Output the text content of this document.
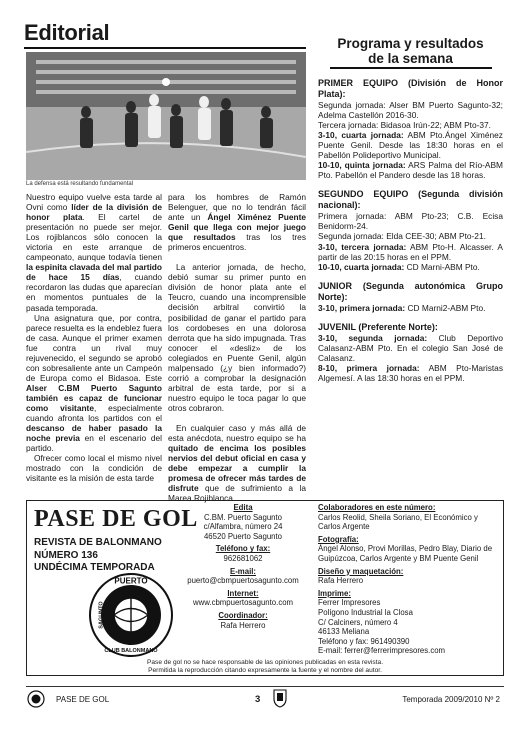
Editorial
La defensa está resultando fundamental

Nuestro equipo vuelve esta tarde al Ovni como líder de la división de honor plata. El cartel de presentación no puede ser mejor. Los rojiblancos sólo conocen la victoria en este arranque de campeonato, aunque todavía tienen la espinita clavada del mal partido de hace 15 días, cuando recordaron las dudas que aparecían en momentos puntuales de la pasada temporada.

Una asignatura que, por contra, parece resuelta es la endeblez fuera de casa. Aunque el primer examen fue contra un rival muy rejuvenecido, el segundo se aprobó con sobresaliente ante un Campeón de Europa como el Bidasoa. Este Alser C.BM Puerto Sagunto también es capaz de funcionar como visitante, especialmente cuando afronta los partidos con el descanso de haber pasado la noche previa en el escenario del partido.

Ofrecer como local el mismo nivel mostrado con la condición de visitante es la misión de esta tarde

para los hombres de Ramón Belenguer, que no lo tendrán fácil ante un Ángel Ximénez Puente Genil que llega con mejor juego que resultados tras los tres primeros encuentros.

La anterior jornada, de hecho, debió sumar su primer punto en división de honor plata ante el Teucro, cuando una incomprensible decisión arbitral convirtió la posibilidad de ganar el partido para los cordobeses en una dolorosa derrota que ha sido impugnada. Tras conocer el «desliz» de los colegiados en Puente Genil, algún malpensado (¿y bien informado?) corrió a comprobar la designación arbitral de esta tarde, por si a nuestro equipo le toca pagar lo que otros cobraron.

En cualquier caso y más allá de esta anécdota, nuestro equipo se ha quitado de encima los posibles nervios del debut oficial en casa y debe empezar a cumplir la promesa de ofrecer más tardes de disfrute que de sufrimiento a la Marea Rojiblanca.

Programa y resultados
de la semana
PRIMER EQUIPO (División de Honor Plata):
Segunda jornada: Alser BM Puerto Sagunto-32; Adelma Castellón 2016-30.
Tercera jornada: Bidasoa Irún-22; ABM Pto-37.
3-10, cuarta jornada: ABM Pto.Ángel Ximénez Puente Genil. Desde las 18:30 horas en el Pabellón Polideportivo Municipal.
10-10, quinta jornada: ARS Palma del Río-ABM Pto. Pabellón el Pandero desde las 18 horas.
SEGUNDO EQUIPO (Segunda división nacional):
Primera jornada: ABM Pto-23; C.B. Ecisa Benidorm-24.
Segunda jornada: Elda CEE-30; ABM Pto-21.
3-10, tercera jornada: ABM Pto-H. Alcasser. A partir de las 20:15 horas en el PPM.
10-10, cuarta jornada: CD Marni-ABM Pto.
JUNIOR (Segunda autonómica Grupo Norte):
3-10, primera jornada: CD Marni2-ABM Pto.
JUVENIL (Preferente Norte):
3-10, segunda jornada: Club Deportivo Calasanz-ABM Pto. En el colegio San José de Calasanz.
8-10, primera jornada: ABM Pto-Maristas Algemesí. A las 18:30 horas en el PPM.
PASE DE GOL
REVISTA DE BALONMANO
NÚMERO 136
UNDÉCIMA TEMPORADA
PUERTO
SAGUNTO
CLUB BALONMANO
Edita
C.BM. Puerto Sagunto
c/Alfambra, número 24
46520 Puerto Sagunto
Teléfono y fax:
962681062
E-mail:
puerto@cbmpuertosagunto.com
Internet:
www.cbmpuertosagunto.com
Coordinador:
Rafa Herrero
Colaboradores en este número:
Carlos Reolid, Sheila Soriano, El Económico y Carlos Argente
Fotografía:
Ángel Alonso, Provi Morillas, Pedro Blay, Diario de Guipúzcoa, Carlos Argente y BM Puente Genil
Diseño y maquetación:
Rafa Herrero
Imprime:
Ferrer Impresores
Polígono Industrial la Closa
C/ Calciners, número 4
46133 Meliana
Teléfono y fax: 961490390
E-mail: ferrer@ferrerimpresores.com
Pase de gol no se hace responsable de las opiniones publicadas en esta revista.
Permitida la reproducción citando expresamente la fuente y el nombre del autor.
PASE DE GOL	3	Temporada 2009/2010 Nº 2
